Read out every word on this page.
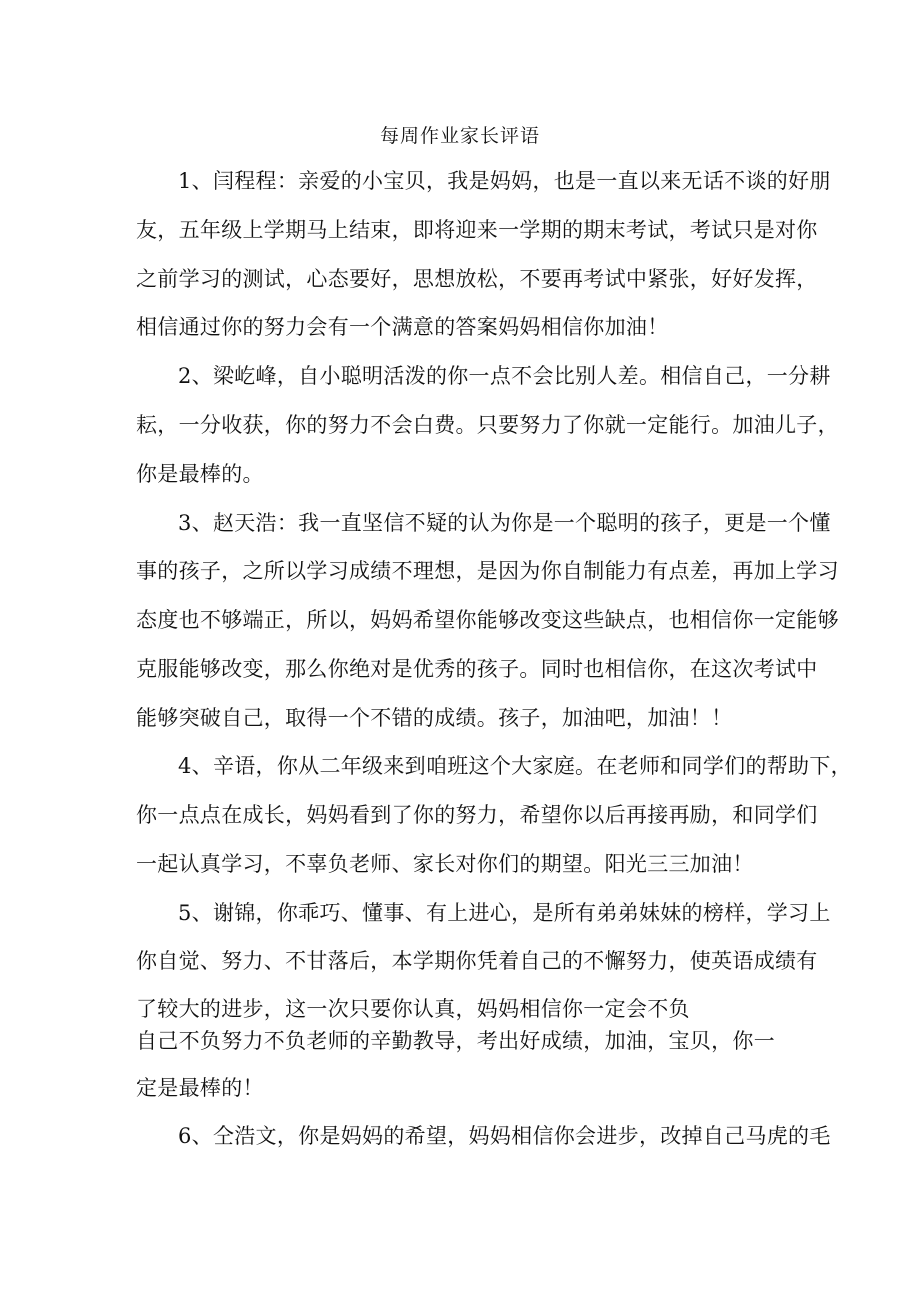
每周作业家长评语
1、闫程程：亲爱的小宝贝，我是妈妈，也是一直以来无话不谈的好朋
友，五年级上学期马上结束，即将迎来一学期的期末考试，考试只是对你
之前学习的测试，心态要好，思想放松，不要再考试中紧张，好好发挥，
相信通过你的努力会有一个满意的答案妈妈相信你加油！
2、梁屹峰，自小聪明活泼的你一点不会比别人差。相信自己，一分耕
耘，一分收获，你的努力不会白费。只要努力了你就一定能行。加油儿子，
你是最棒的。
3、赵天浩：我一直坚信不疑的认为你是一个聪明的孩子，更是一个懂
事的孩子，之所以学习成绩不理想，是因为你自制能力有点差，再加上学习
态度也不够端正，所以，妈妈希望你能够改变这些缺点，也相信你一定能够
克服能够改变，那么你绝对是优秀的孩子。同时也相信你，在这次考试中
能够突破自己，取得一个不错的成绩。孩子，加油吧，加油！！
4、辛语，你从二年级来到咱班这个大家庭。在老师和同学们的帮助下，
你一点点在成长，妈妈看到了你的努力，希望你以后再接再励，和同学们
一起认真学习，不辜负老师、家长对你们的期望。阳光三三加油！
5、谢锦，你乖巧、懂事、有上进心，是所有弟弟妹妹的榜样，学习上
你自觉、努力、不甘落后，本学期你凭着自己的不懈努力，使英语成绩有
了较大的进步，这一次只要你认真，妈妈相信你一定会不负
自己不负努力不负老师的辛勤教导，考出好成绩，加油，宝贝，你一
定是最棒的！
6、仝浩文，你是妈妈的希望，妈妈相信你会进步，改掉自己马虎的毛
